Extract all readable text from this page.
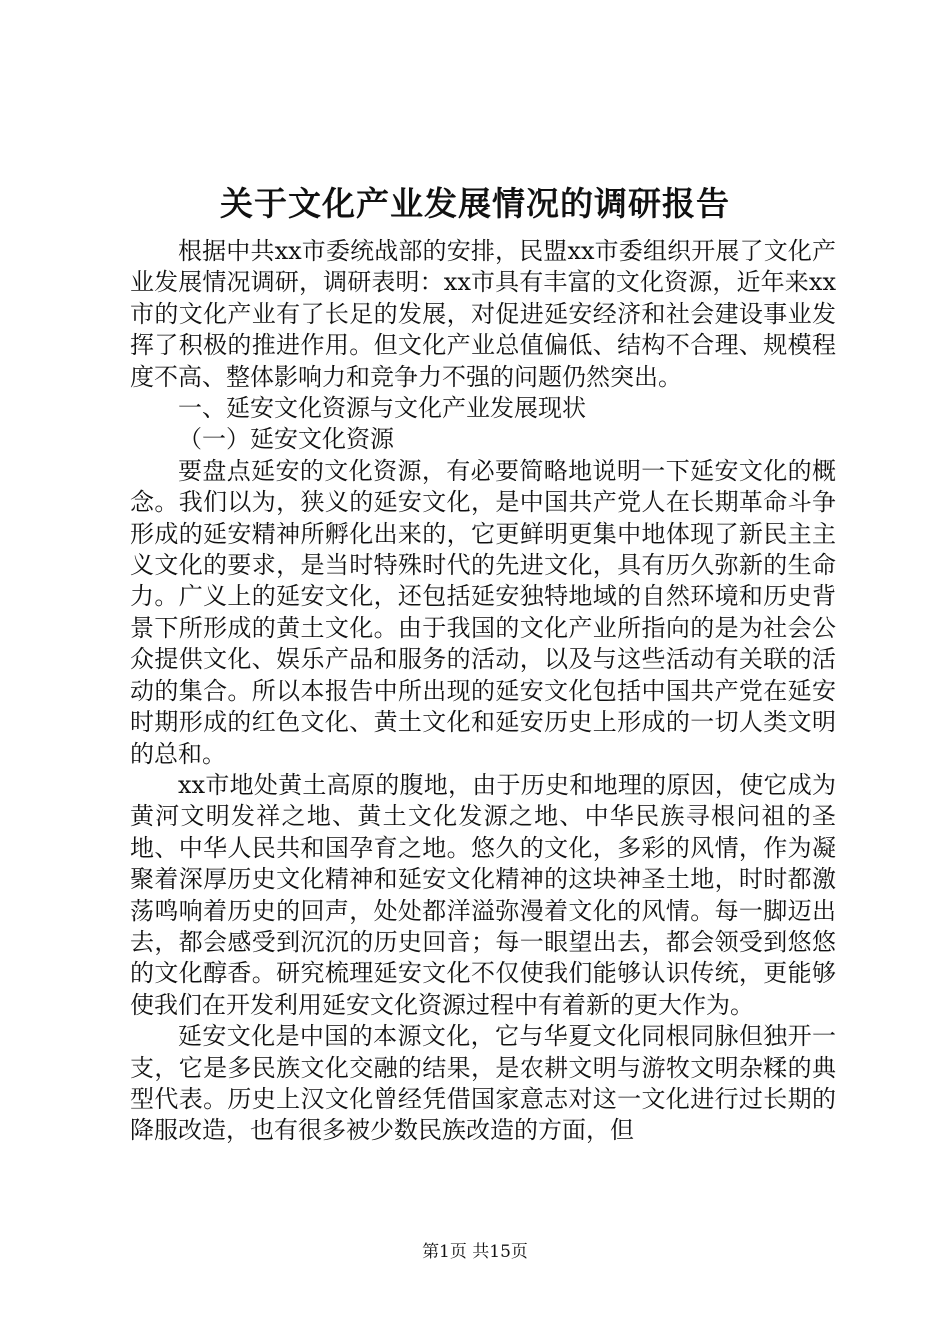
关于文化产业发展情况的调研报告

根据中共xx市委统战部的安排，民盟xx市委组织开展了文化产业发展情况调研，调研表明：xx市具有丰富的文化资源，近年来xx市的文化产业有了长足的发展，对促进延安经济和社会建设事业发挥了积极的推进作用。但文化产业总值偏低、结构不合理、规模程度不高、整体影响力和竞争力不强的问题仍然突出。

一、延安文化资源与文化产业发展现状

（一）延安文化资源

要盘点延安的文化资源，有必要简略地说明一下延安文化的概念。我们以为，狭义的延安文化，是中国共产党人在长期革命斗争形成的延安精神所孵化出来的，它更鲜明更集中地体现了新民主主义文化的要求，是当时特殊时代的先进文化，具有历久弥新的生命力。广义上的延安文化，还包括延安独特地域的自然环境和历史背景下所形成的黄土文化。由于我国的文化产业所指向的是为社会公众提供文化、娱乐产品和服务的活动，以及与这些活动有关联的活动的集合。所以本报告中所出现的延安文化包括中国共产党在延安时期形成的红色文化、黄土文化和延安历史上形成的一切人类文明的总和。

xx市地处黄土高原的腹地，由于历史和地理的原因，使它成为黄河文明发祥之地、黄土文化发源之地、中华民族寻根问祖的圣地、中华人民共和国孕育之地。悠久的文化，多彩的风情，作为凝聚着深厚历史文化精神和延安文化精神的这块神圣土地，时时都激荡鸣响着历史的回声，处处都洋溢弥漫着文化的风情。每一脚迈出去，都会感受到沉沉的历史回音；每一眼望出去，都会领受到悠悠的文化醇香。研究梳理延安文化不仅使我们能够认识传统，更能够使我们在开发利用延安文化资源过程中有着新的更大作为。

延安文化是中国的本源文化，它与华夏文化同根同脉但独开一支，它是多民族文化交融的结果，是农耕文明与游牧文明杂糅的典型代表。历史上汉文化曾经凭借国家意志对这一文化进行过长期的降服改造，也有很多被少数民族改造的方面，但

第1页 共15页
